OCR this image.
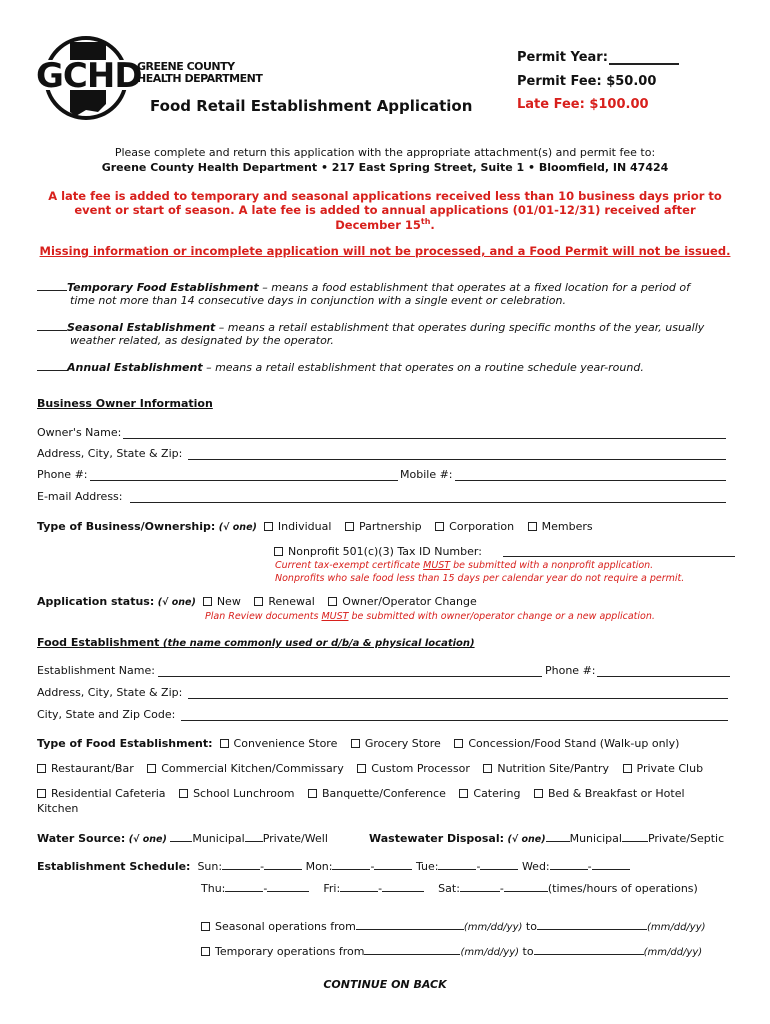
GCHD
GREENE COUNTY
HEALTH DEPARTMENT
Food Retail Establishment Application
Permit Year:
Permit Fee: $50.00
Late Fee: $100.00
Please complete and return this application with the appropriate attachment(s) and permit fee to:
Greene County Health Department • 217 East Spring Street, Suite 1 • Bloomfield, IN 47424
A late fee is added to temporary and seasonal applications received less than 10 business days prior to
event or start of season. A late fee is added to annual applications (01/01-12/31) received after
December 15th.
Missing information or incomplete application will not be processed, and a Food Permit will not be issued.
Temporary Food Establishment – means a food establishment that operates at a fixed location for a period of
time not more than 14 consecutive days in conjunction with a single event or celebration.
Seasonal Establishment – means a retail establishment that operates during specific months of the year, usually
weather related, as designated by the operator.
Annual Establishment – means a retail establishment that operates on a routine schedule year-round.
Business Owner Information
Owner's Name:
Address, City, State & Zip:
Phone #:	Mobile #:
E-mail Address:
Type of Business/Ownership: (√ one) Individual	Partnership	Corporation	Members
Nonprofit 501(c)(3) Tax ID Number:
Current tax-exempt certificate MUST be submitted with a nonprofit application.
Nonprofits who sale food less than 15 days per calendar year do not require a permit.
Application status: (√ one) New	Renewal	Owner/Operator Change
Plan Review documents MUST be submitted with owner/operator change or a new application.
Food Establishment (the name commonly used or d/b/a & physical location)
Establishment Name:	Phone #:
Address, City, State & Zip:
City, State and Zip Code:
Type of Food Establishment: Convenience Store	Grocery Store	Concession/Food Stand (Walk-up only)
Restaurant/Bar	Commercial Kitchen/Commissary	Custom Processor	Nutrition Site/Pantry	Private Club
Residential Cafeteria	School Lunchroom	Banquette/Conference	Catering	Bed & Breakfast or Hotel
Kitchen
Water Source: (√ one) Municipal Private/Well	Wastewater Disposal: (√ one) Municipal Private/Septic
Establishment Schedule: Sun:	-	Mon:	-	Tue:	-	Wed:	-
Thu:	-	Fri:	-	Sat:	-	(times/hours of operations)
Seasonal operations from	(mm/dd/yy) to	(mm/dd/yy)
Temporary operations from	(mm/dd/yy) to	(mm/dd/yy)
CONTINUE ON BACK
